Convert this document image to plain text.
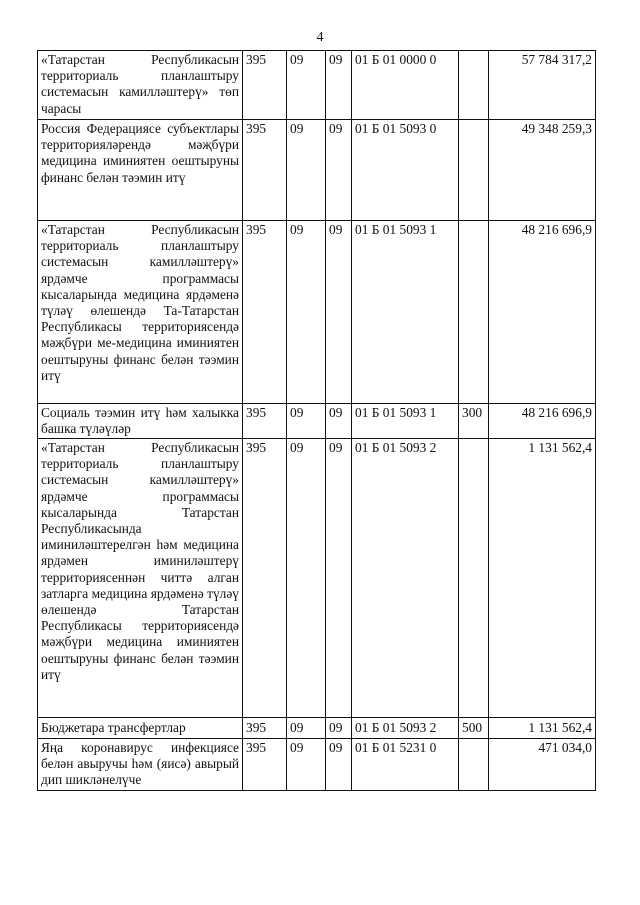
4
«Татарстан Республикасын территориаль планлаштыру системасын камилләштерү» төп чарасы	395	09	09	01 Б 01 0000 0		57 784 317,2
Россия Федерациясе субъектлары территорияләрендә мәҗбүри медицина иминиятен оештыруны финанс белән тәэмин итү	395	09	09	01 Б 01 5093 0		49 348 259,3
«Татарстан Республикасын территориаль планлаштыру системасын камилләштерү» ярдәмче программасы кысаларында медицина ярдәменә түләү өлешендә Та-Татарстан Республикасы территориясендә мәҗбүри ме-медицина иминиятен оештыруны финанс белән тәэмин итү	395	09	09	01 Б 01 5093 1		48 216 696,9
Социаль тәэмин итү һәм халыкка башка түләүләр	395	09	09	01 Б 01 5093 1	300	48 216 696,9
«Татарстан Республикасын территориаль планлаштыру системасын камилләштерү» ярдәмче программасы кысаларында Татарстан Республикасында иминиләштерелгән һәм медицина ярдәмен иминиләштерү территориясеннән читтә алган затларга медицина ярдәменә түләү өлешендә Татарстан Республикасы территориясендә мәҗбүри медицина иминиятен оештыруны финанс белән тәэмин итү	395	09	09	01 Б 01 5093 2		1 131 562,4
Бюджетара трансфертлар	395	09	09	01 Б 01 5093 2	500	1 131 562,4
Яңа коронавирус инфекциясе белән авыручы һәм (яисә) авырый дип шикләнелүче	395	09	09	01 Б 01 5231 0		471 034,0
